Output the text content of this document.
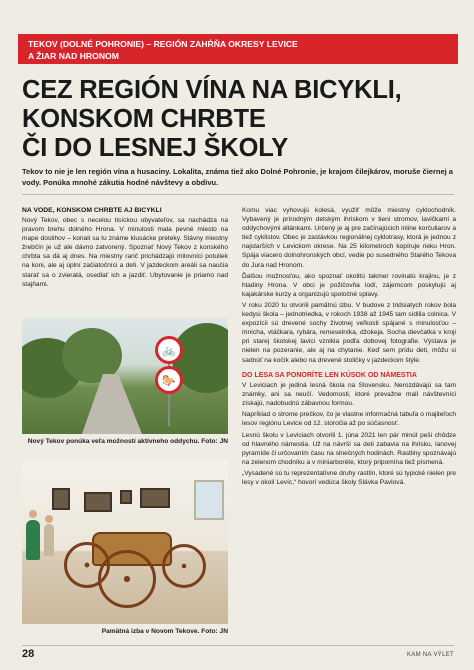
TEKOV (DOLNÉ POHRONIE) – REGIÓN ZAHŔŇA OKRESY LEVICE
A ŽIAR NAD HRONOM
CEZ REGIÓN VÍNA NA BICYKLI,
KONSKOM CHRBTE
ČI DO LESNEJ ŠKOLY
Tekov to nie je len región vína a husaciny. Lokalita, známa tiež ako Dolné Pohronie, je krajom čilejkárov, moruše čiernej a vody. Ponúka mnohé zákutia hodné návštevy a obdivu.
NA VODE, KONSKOM CHRBTE AJ BICYKLI
Nový Tekov, obec s necelou tisíckou obyvateľov, sa nachádza na pravom brehu dolného Hrona. V minulosti mala pevné miesto na mape dostihov – konali sa tu známe klusácke preteky. Slávny miestny žrebčín je už ale dávno zatvorený. Spoznať Nový Tekov z konského chrbta sa dá aj dnes. Na miestny ranč prichádzajú milovníci potuliek na koni, ale aj úplní začiatočníci a deti. V jazdeckom areáli sa naučia starať sa o zvieratá, osedlať ich a jazdiť. Ubytovanie je priamo nad stajňami.
🚲
🐎
Nový Tekov ponúka veľa možností aktívneho oddychu. Foto: JN
Pamätná izba v Novom Tekove. Foto: JN
Komu viac vyhovujú kolesá, využiť môže miestny cyklochodník. Vybavený je prírodným detským ihriskom v tieni stromov, lavičkami a oddychovými altánkami. Určený je aj pre začínajúcich inline korčuliarov a tiež cyklistov. Obec je zastávkou regionálnej cyklotrasy, ktorá je jednou z najstarších v Levickom okrese. Na 25 kilometroch kopíruje rieku Hron. Spája viacero dolnohronských obcí, vedie po susedného Starého Tekova do Jura nad Hronom.
Ďalšou možnosťou, ako spoznať okolitú takmer rovinatú krajinu, je z hladiny Hrona. V obci je požičovňa lodí, zájemcom poskytujú aj kajakárske kurzy a organizujú spoločné splavy.
V roku 2020 tu otvorili pamätnú izbu. V budove z tridsiatych rokov bola kedysi škola – jednotriedka, v rokoch 1938 až 1945 tam sídlila colnica. V expozícii sú drevené sochy životnej veľkosti spájané s minulosťou – mnícha, vtáčkara, rybára, remeselníka, džokeja. Socha dievčatka v kroji pri starej školskej lavici vznikla podľa dobovej fotografie. Výstava je nielen na pozeranie, ale aj na chytanie. Keď sem prídu deti, môžu si sadnúť na kočík alebo na drevené stoličky v jazdeckom štýle.
DO LESA SA PONORÍTE LEN KÚSOK OD NÁMESTIA
V Leviciach je jediná lesná škola na Slovensku. Nerozdávajú sa tam známky, ani sa neučí. Vedomosti, ktoré prevažne malí návštevníci získajú, nadobudnú zábavnou formou.
Napríklad o strome prečkov, čo je vlastne informačná tabuľa o majiteľoch lesov regiónu Levice od 12. storočia až po súčasnosť.
Lesnú školu v Leviciach otvorili 1. júna 2021 len pár minút peši chôdze od hlavného námestia. Už na návrší sa deti zabavia na ihrisku, lanovej pyramíde či určovaním času na slnečných hodinách. Rastliny spoznávajú na zelenom chodníku a v miniarboréte, ktorý pripomína tiež písmená.
„Vysadené sú tu reprezentatívne druhy rastlín, ktoré sú typické nielen pre lesy v okolí Levíc,“ hovorí vedúca školy Slávka Pavlová.
28	KAM NA VÝLET
